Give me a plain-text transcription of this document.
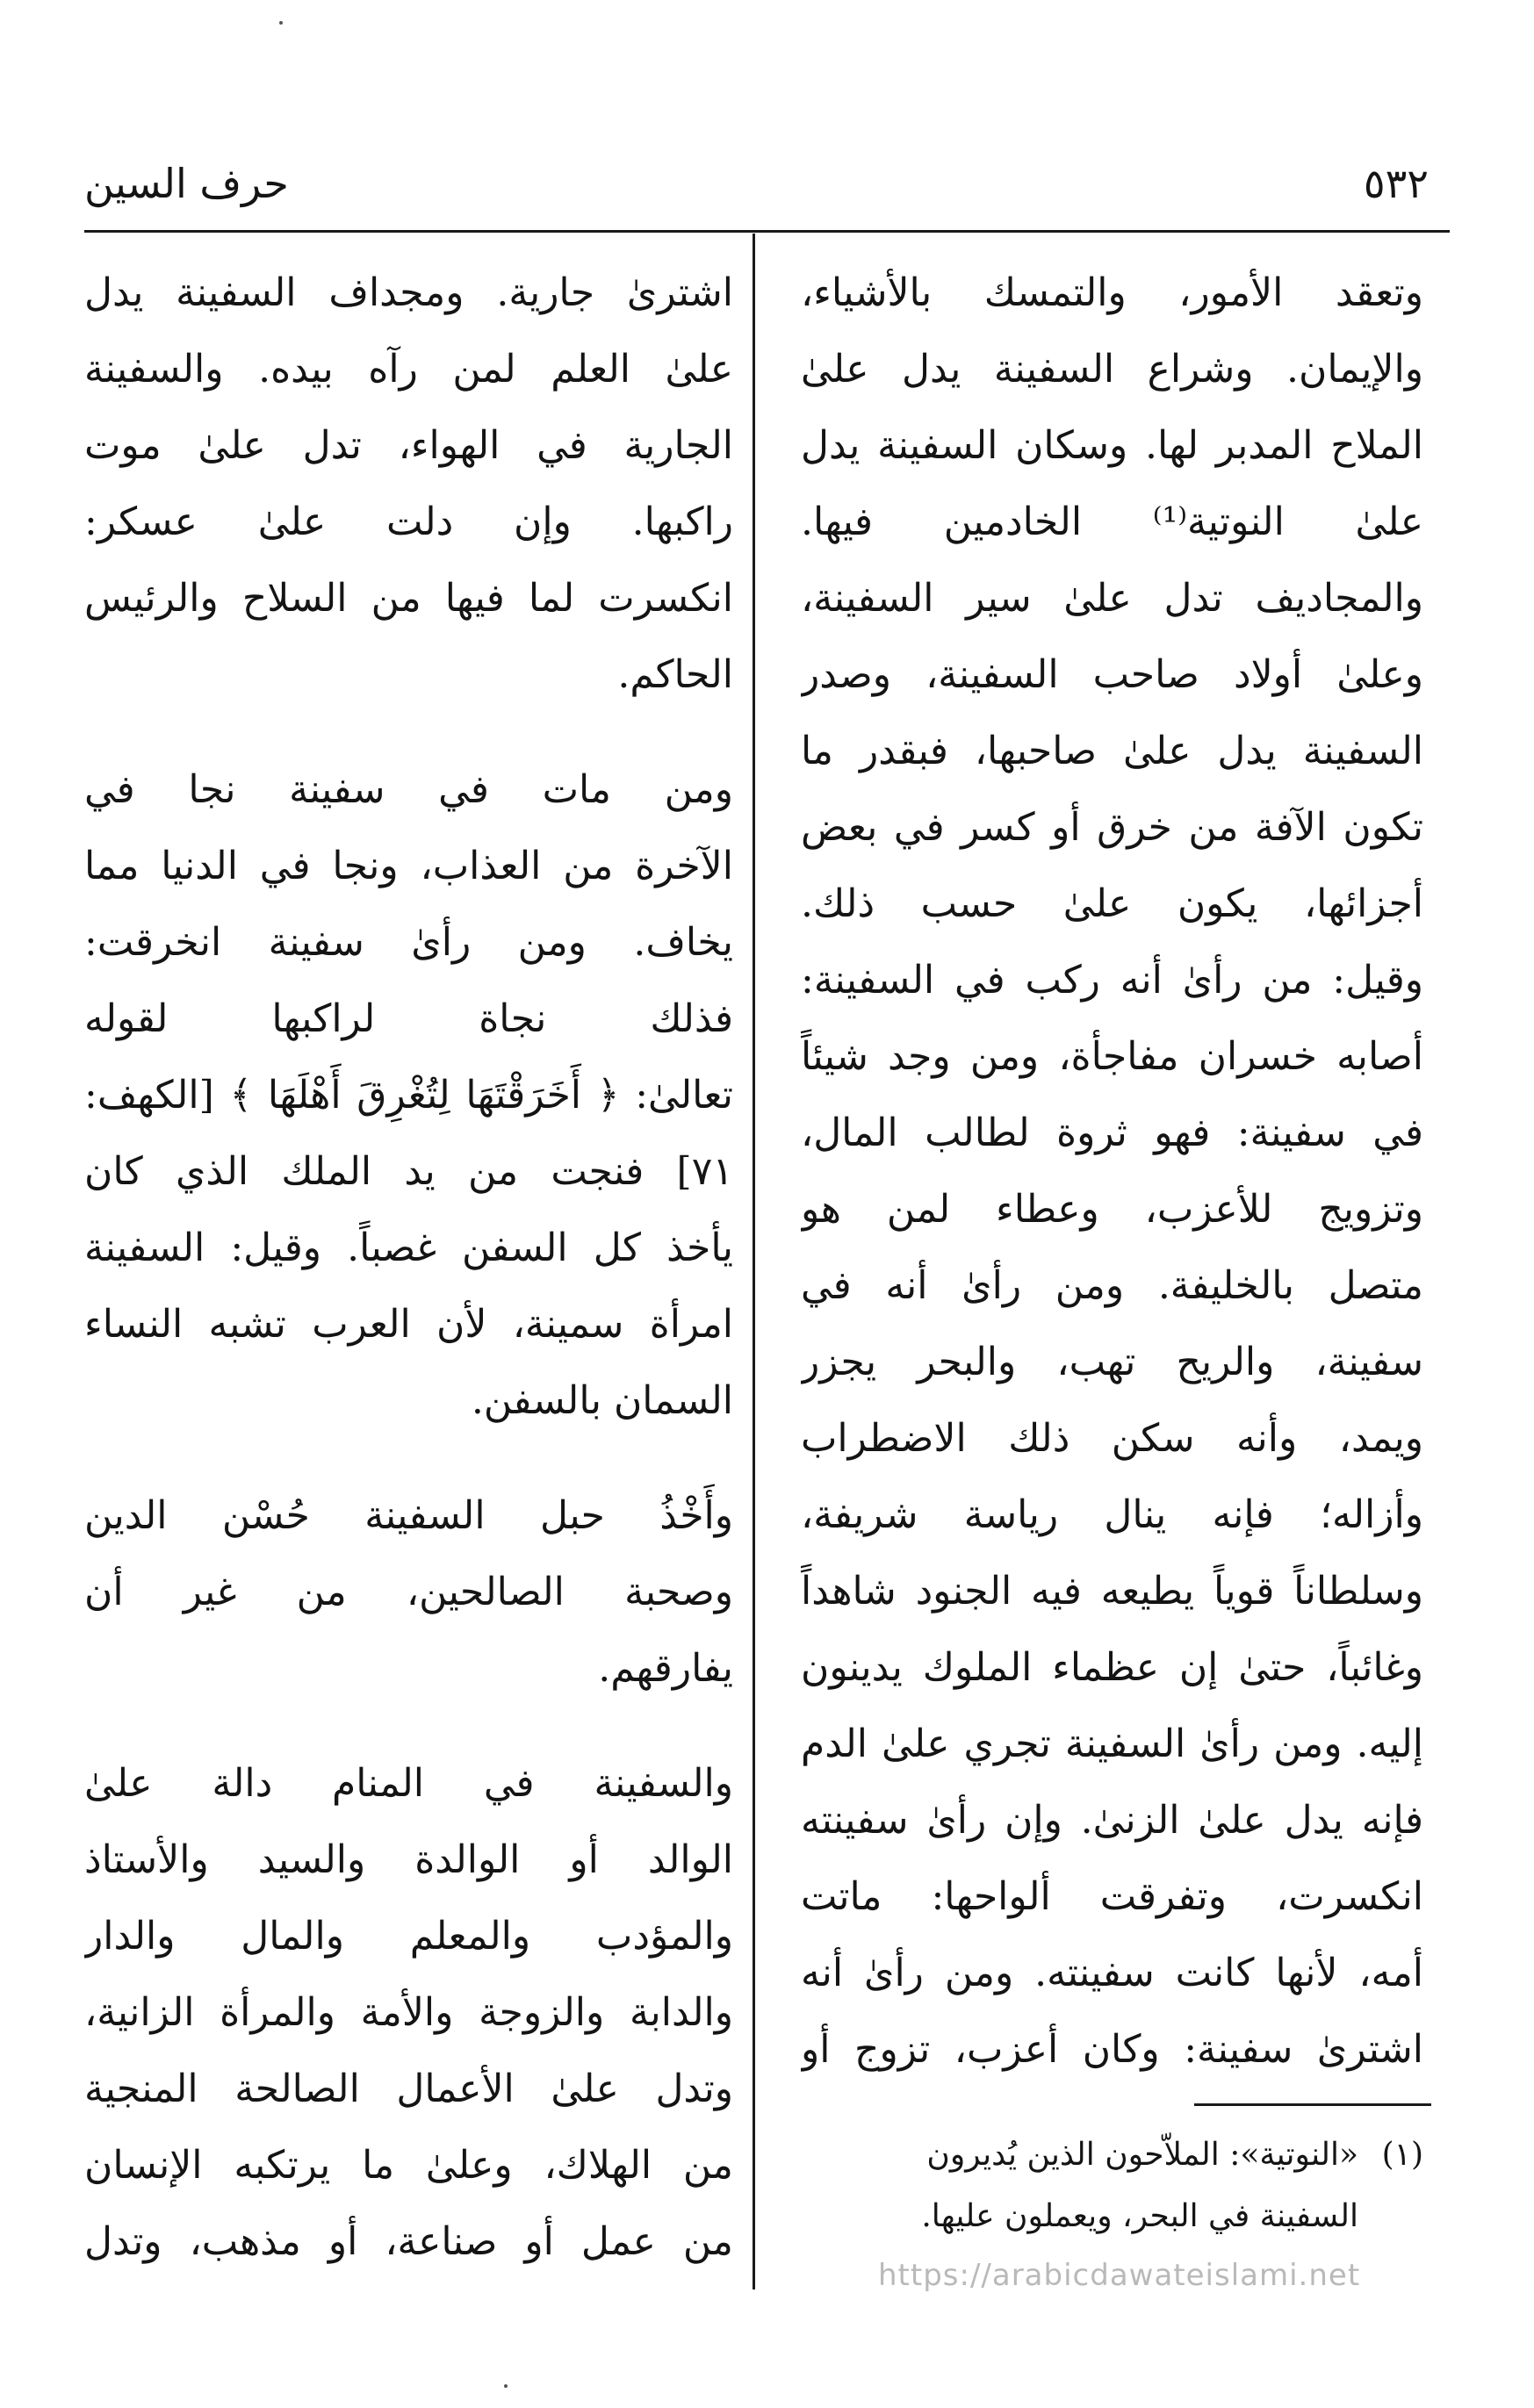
٥٣٢
حرف السين
وتعقد الأمور، والتمسك بالأشياء،
والإيمان. وشراع السفينة يدل علىٰ
الملاح المدبر لها. وسكان السفينة يدل
علىٰ النوتية⁽¹⁾ الخادمين فيها.
والمجاديف تدل علىٰ سير السفينة،
وعلىٰ أولاد صاحب السفينة، وصدر
السفينة يدل علىٰ صاحبها، فبقدر ما
تكون الآفة من خرق أو كسر في بعض
أجزائها، يكون علىٰ حسب ذلك.
وقيل: من رأىٰ أنه ركب في السفينة:
أصابه خسران مفاجأة، ومن وجد شيئاً
في سفينة: فهو ثروة لطالب المال،
وتزويج للأعزب، وعطاء لمن هو
متصل بالخليفة. ومن رأىٰ أنه في
سفينة، والريح تهب، والبحر يجزر
ويمد، وأنه سكن ذلك الاضطراب
وأزاله؛ فإنه ينال رياسة شريفة،
وسلطاناً قوياً يطيعه فيه الجنود شاهداً
وغائباً، حتىٰ إن عظماء الملوك يدينون
إليه. ومن رأىٰ السفينة تجري علىٰ الدم
فإنه يدل علىٰ الزنىٰ. وإن رأىٰ سفينته
انكسرت، وتفرقت ألواحها: ماتت
أمه، لأنها كانت سفينته. ومن رأىٰ أنه
اشترىٰ سفينة: وكان أعزب، تزوج أو
اشترىٰ جارية. ومجداف السفينة يدل
علىٰ العلم لمن رآه بيده. والسفينة
الجارية في الهواء، تدل علىٰ موت
راكبها. وإن دلت علىٰ عسكر:
انكسرت لما فيها من السلاح والرئيس
الحاكم.
ومن مات في سفينة نجا في
الآخرة من العذاب، ونجا في الدنيا مما
يخاف. ومن رأىٰ سفينة انخرقت:
فذلك نجاة لراكبها لقوله
تعالىٰ: ﴿ أَخَرَقْتَهَا لِتُغْرِقَ أَهْلَهَا ﴾ [الكهف:
٧١] فنجت من يد الملك الذي كان
يأخذ كل السفن غصباً. وقيل: السفينة
امرأة سمينة، لأن العرب تشبه النساء
السمان بالسفن.
وأَخْذُ حبل السفينة حُسْن الدين
وصحبة الصالحين، من غير أن
يفارقهم.
والسفينة في المنام دالة علىٰ
الوالد أو الوالدة والسيد والأستاذ
والمؤدب والمعلم والمال والدار
والدابة والزوجة والأمة والمرأة الزانية،
وتدل علىٰ الأعمال الصالحة المنجية
من الهلاك، وعلىٰ ما يرتكبه الإنسان
من عمل أو صناعة، أو مذهب، وتدل
(١)«النوتية»: الملاّحون الذين يُديرون
السفينة في البحر، ويعملون عليها.
https://arabicdawateislami.net
